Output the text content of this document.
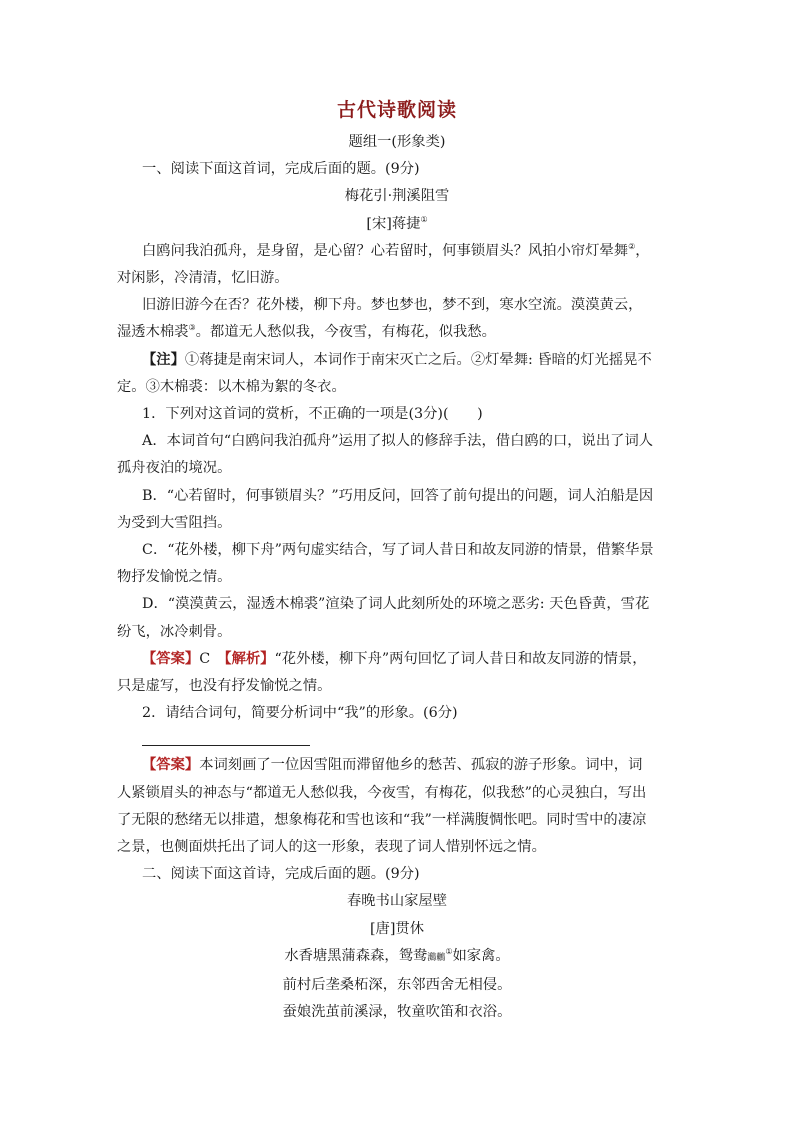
古代诗歌阅读
题组一(形象类)
一、阅读下面这首词，完成后面的题。(9分)
梅花引·荆溪阻雪
[宋]蒋捷①
白鸥问我泊孤舟，是身留，是心留？心若留时，何事锁眉头？风拍小帘灯晕舞②，对闲影，冷清清，忆旧游。
旧游旧游今在否？花外楼，柳下舟。梦也梦也，梦不到，寒水空流。漠漠黄云，湿透木棉裘③。都道无人愁似我，今夜雪，有梅花，似我愁。
【注】①蒋捷是南宋词人，本词作于南宋灭亡之后。②灯晕舞: 昏暗的灯光摇晃不定。③木棉裘：以木棉为絮的冬衣。
1．下列对这首词的赏析，不正确的一项是(3分)(　　)
A．本词首句“白鸥问我泊孤舟”运用了拟人的修辞手法，借白鸥的口，说出了词人孤舟夜泊的境况。
B．“心若留时，何事锁眉头？”巧用反问，回答了前句提出的问题，词人泊船是因为受到大雪阻挡。
C．“花外楼，柳下舟”两句虚实结合，写了词人昔日和故友同游的情景，借繁华景物抒发愉悦之情。
D．“漠漠黄云，湿透木棉裘”渲染了词人此刻所处的环境之恶劣: 天色昏黄，雪花纷飞，冰冷刺骨。
【答案】C　【解析】“花外楼，柳下舟”两句回忆了词人昔日和故友同游的情景，只是虚写，也没有抒发愉悦之情。
2．请结合词句，简要分析词中“我”的形象。(6分)
【答案】本词刻画了一位因雪阻而滞留他乡的愁苦、孤寂的游子形象。词中，词人紧锁眉头的神态与“都道无人愁似我，今夜雪，有梅花，似我愁”的心灵独白，写出了无限的愁绪无以排遣，想象梅花和雪也该和“我”一样满腹惆怅吧。同时雪中的凄凉之景，也侧面烘托出了词人的这一形象，表现了词人惜别怀远之情。
二、阅读下面这首诗，完成后面的题。(9分)
春晚书山家屋壁
[唐]贯休
水香塘黑蒲森森，鸳鸯鸂鶒①如家禽。
前村后垄桑柘深，东邻西舍无相侵。
蚕娘洗茧前溪渌，牧童吹笛和衣浴。
